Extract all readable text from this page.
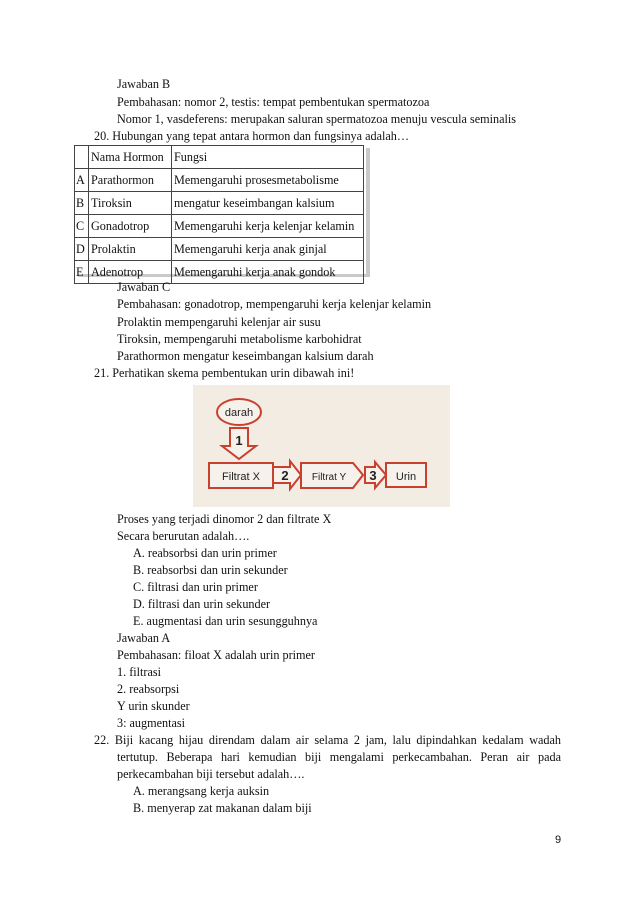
Jawaban B
Pembahasan: nomor 2, testis: tempat pembentukan spermatozoa
Nomor 1, vasdeferens: merupakan saluran spermatozoa menuju vescula seminalis
20. Hubungan yang tepat antara hormon dan fungsinya adalah…
	Nama Hormon	Fungsi
A	Parathormon	Memengaruhi prosesmetabolisme
B	Tiroksin	mengatur keseimbangan kalsium
C	Gonadotrop	Memengaruhi kerja kelenjar kelamin
D	Prolaktin	Memengaruhi kerja anak ginjal
E	Adenotrop	Memengaruhi kerja anak gondok
Jawaban C
Pembahasan: gonadotrop, mempengaruhi kerja kelenjar kelamin
Prolaktin mempengaruhi kelenjar air susu
Tiroksin, mempengaruhi metabolisme karbohidrat
Parathormon mengatur keseimbangan kalsium darah
21. Perhatikan skema pembentukan urin dibawah ini!
darah
1
Filtrat X 2 Filtrat Y 3 Urin
Proses yang terjadi dinomor 2 dan filtrate X
Secara berurutan adalah….
A. reabsorbsi dan urin primer
B. reabsorbsi dan urin sekunder
C. filtrasi dan urin primer
D. filtrasi dan urin sekunder
E. augmentasi dan urin sesungguhnya
Jawaban A
Pembahasan: filoat X adalah urin primer
1. filtrasi
2. reabsorpsi
Y urin skunder
3: augmentasi
22. Biji kacang hijau direndam dalam air selama 2 jam, lalu dipindahkan kedalam wadah
tertutup. Beberapa hari kemudian biji mengalami perkecambahan. Peran air pada
perkecambahan biji tersebut adalah….
A. merangsang kerja auksin
B. menyerap zat makanan dalam biji
9
